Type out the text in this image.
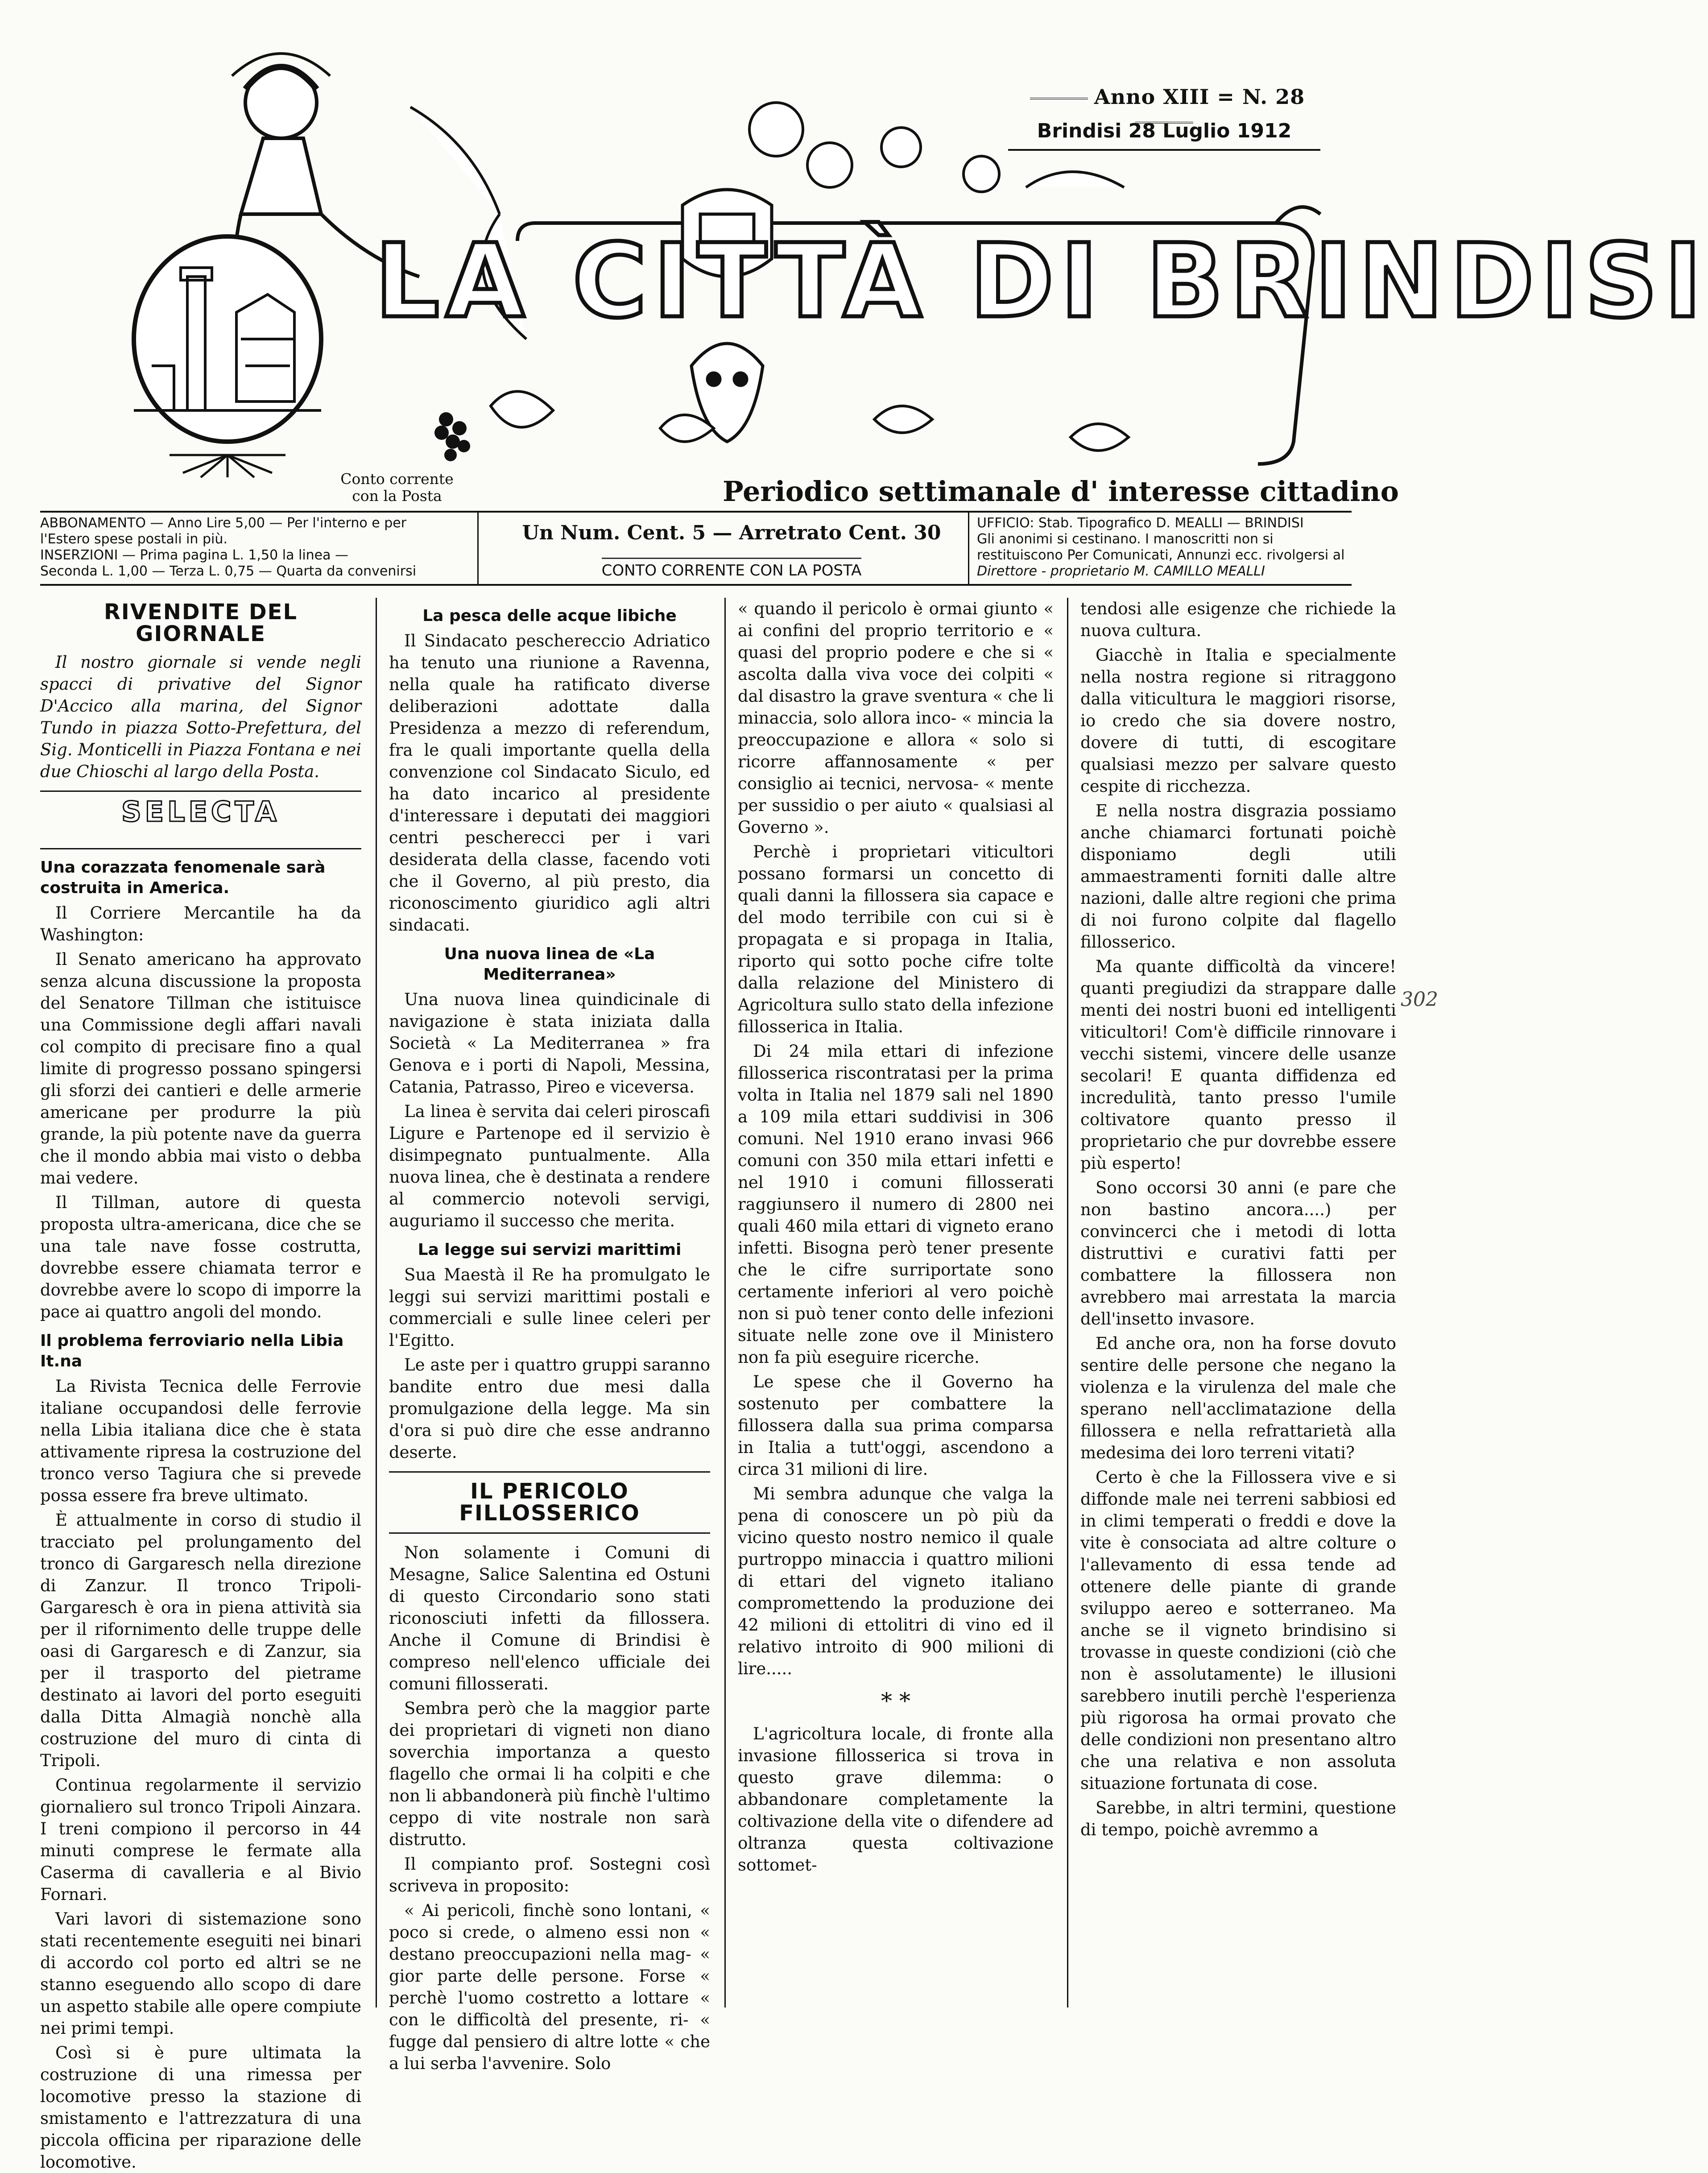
Anno XIII = N. 28
Brindisi 28 Luglio 1912
LA CITTÀ DI BRINDISI
Conto corrente con la Posta	Periodico settimanale d' interesse cittadino
ABBONAMENTO — Anno Lire 5,00 — Per l'interno e per l'Estero spese postali in più.
INSERZIONI — Prima pagina L. 1,50 la linea —
Seconda L. 1,00 — Terza L. 0,75 — Quarta da convenirsi
Un Num. Cent. 5 — Arretrato Cent. 30
CONTO CORRENTE CON LA POSTA
UFFICIO: Stab. Tipografico D. MEALLI — BRINDISI
Gli anonimi si cestinano. I manoscritti non si restituiscono Per Comunicati, Annunzi ecc. rivolgersi al
Direttore - proprietario M. CAMILLO MEALLI
RIVENDITE DEL GIORNALE

Il nostro giornale si vende negli spacci di privative del Signor D'Accico alla marina, del Signor Tundo in piazza Sotto-Prefettura, del Sig. Monticelli in Piazza Fontana e nei due Chioschi al largo della Posta.

SELECTA
Una corazzata fenomenale sarà costruita in America.

Il Corriere Mercantile ha da Washington:

Il Senato americano ha approvato senza alcuna discussione la proposta del Senatore Tillman che istituisce una Commissione degli affari navali col compito di precisare fino a qual limite di progresso possano spingersi gli sforzi dei cantieri e delle armerie americane per produrre la più grande, la più potente nave da guerra che il mondo abbia mai visto o debba mai vedere.

Il Tillman, autore di questa proposta ultra-americana, dice che se una tale nave fosse costrutta, dovrebbe essere chiamata terror e dovrebbe avere lo scopo di imporre la pace ai quattro angoli del mondo.

Il problema ferroviario nella Libia It.na

La Rivista Tecnica delle Ferrovie italiane occupandosi delle ferrovie nella Libia italiana dice che è stata attivamente ripresa la costruzione del tronco verso Tagiura che si prevede possa essere fra breve ultimato.

È attualmente in corso di studio il tracciato pel prolungamento del tronco di Gargaresch nella direzione di Zanzur. Il tronco Tripoli-Gargaresch è ora in piena attività sia per il rifornimento delle truppe delle oasi di Gargaresch e di Zanzur, sia per il trasporto del pietrame destinato ai lavori del porto eseguiti dalla Ditta Almagià nonchè alla costruzione del muro di cinta di Tripoli.

Continua regolarmente il servizio giornaliero sul tronco Tripoli Ainzara. I treni compiono il percorso in 44 minuti comprese le fermate alla Caserma di cavalleria e al Bivio Fornari.

Vari lavori di sistemazione sono stati recentemente eseguiti nei binari di accordo col porto ed altri se ne stanno eseguendo allo scopo di dare un aspetto stabile alle opere compiute nei primi tempi.

Così si è pure ultimata la costruzione di una rimessa per locomotive presso la stazione di smistamento e l'attrezzatura di una piccola officina per riparazione delle locomotive.

La pesca delle acque libiche

Il Sindacato peschereccio Adriatico ha tenuto una riunione a Ravenna, nella quale ha ratificato diverse deliberazioni adottate dalla Presidenza a mezzo di referendum, fra le quali importante quella della convenzione col Sindacato Siculo, ed ha dato incarico al presidente d'interessare i deputati dei maggiori centri pescherecci per i vari desiderata della classe, facendo voti che il Governo, al più presto, dia riconoscimento giuridico agli altri sindacati.

Una nuova linea de «La Mediterranea»

Una nuova linea quindicinale di navigazione è stata iniziata dalla Società « La Mediterranea » fra Genova e i porti di Napoli, Messina, Catania, Patrasso, Pireo e viceversa.

La linea è servita dai celeri piroscafi Ligure e Partenope ed il servizio è disimpegnato puntualmente. Alla nuova linea, che è destinata a rendere al commercio notevoli servigi, auguriamo il successo che merita.

La legge sui servizi marittimi

Sua Maestà il Re ha promulgato le leggi sui servizi marittimi postali e commerciali e sulle linee celeri per l'Egitto.

Le aste per i quattro gruppi saranno bandite entro due mesi dalla promulgazione della legge. Ma sin d'ora si può dire che esse andranno deserte.

IL PERICOLO FILLOSSERICO

Non solamente i Comuni di Mesagne, Salice Salentina ed Ostuni di questo Circondario sono stati riconosciuti infetti da fillossera. Anche il Comune di Brindisi è compreso nell'elenco ufficiale dei comuni fillosserati.

Sembra però che la maggior parte dei proprietari di vigneti non diano soverchia importanza a questo flagello che ormai li ha colpiti e che non li abbandonerà più finchè l'ultimo ceppo di vite nostrale non sarà distrutto.

Il compianto prof. Sostegni così scriveva in proposito:

« Ai pericoli, finchè sono lontani, « poco si crede, o almeno essi non « destano preoccupazioni nella mag- « gior parte delle persone. Forse « perchè l'uomo costretto a lottare « con le difficoltà del presente, ri- « fugge dal pensiero di altre lotte « che a lui serba l'avvenire. Solo

« quando il pericolo è ormai giunto « ai confini del proprio territorio e « quasi del proprio podere e che si « ascolta dalla viva voce dei colpiti « dal disastro la grave sventura « che li minaccia, solo allora inco- « mincia la preoccupazione e allora « solo si ricorre affannosamente « per consiglio ai tecnici, nervosa- « mente per sussidio o per aiuto « qualsiasi al Governo ».

Perchè i proprietari viticultori possano formarsi un concetto di quali danni la fillossera sia capace e del modo terribile con cui si è propagata e si propaga in Italia, riporto qui sotto poche cifre tolte dalla relazione del Ministero di Agricoltura sullo stato della infezione fillosserica in Italia.

Di 24 mila ettari di infezione fillosserica riscontratasi per la prima volta in Italia nel 1879 sali nel 1890 a 109 mila ettari suddivisi in 306 comuni. Nel 1910 erano invasi 966 comuni con 350 mila ettari infetti e nel 1910 i comuni fillosserati raggiunsero il numero di 2800 nei quali 460 mila ettari di vigneto erano infetti. Bisogna però tener presente che le cifre surriportate sono certamente inferiori al vero poichè non si può tener conto delle infezioni situate nelle zone ove il Ministero non fa più eseguire ricerche.

Le spese che il Governo ha sostenuto per combattere la fillossera dalla sua prima comparsa in Italia a tutt'oggi, ascendono a circa 31 milioni di lire.

Mi sembra adunque che valga la pena di conoscere un pò più da vicino questo nostro nemico il quale purtroppo minaccia i quattro milioni di ettari del vigneto italiano compromettendo la produzione dei 42 milioni di ettolitri di vino ed il relativo introito di 900 milioni di lire.....

* *

L'agricoltura locale, di fronte alla invasione fillosserica si trova in questo grave dilemma: o abbandonare completamente la coltivazione della vite o difendere ad oltranza questa coltivazione sottomet-

tendosi alle esigenze che richiede la nuova cultura.

Giacchè in Italia e specialmente nella nostra regione si ritraggono dalla viticultura le maggiori risorse, io credo che sia dovere nostro, dovere di tutti, di escogitare qualsiasi mezzo per salvare questo cespite di ricchezza.

E nella nostra disgrazia possiamo anche chiamarci fortunati poichè disponiamo degli utili ammaestramenti forniti dalle altre nazioni, dalle altre regioni che prima di noi furono colpite dal flagello fillosserico.

Ma quante difficoltà da vincere! quanti pregiudizi da strappare dalle menti dei nostri buoni ed intelligenti viticultori! Com'è difficile rinnovare i vecchi sistemi, vincere delle usanze secolari! E quanta diffidenza ed incredulità, tanto presso l'umile coltivatore quanto presso il proprietario che pur dovrebbe essere più esperto!

Sono occorsi 30 anni (e pare che non bastino ancora....) per convincerci che i metodi di lotta distruttivi e curativi fatti per combattere la fillossera non avrebbero mai arrestata la marcia dell'insetto invasore.

Ed anche ora, non ha forse dovuto sentire delle persone che negano la violenza e la virulenza del male che sperano nell'acclimatazione della fillossera e nella refrattarietà alla medesima dei loro terreni vitati?

Certo è che la Fillossera vive e si diffonde male nei terreni sabbiosi ed in climi temperati o freddi e dove la vite è consociata ad altre colture o l'allevamento di essa tende ad ottenere delle piante di grande sviluppo aereo e sotterraneo. Ma anche se il vigneto brindisino si trovasse in queste condizioni (ciò che non è assolutamente) le illusioni sarebbero inutili perchè l'esperienza più rigorosa ha ormai provato che delle condizioni non presentano altro che una relativa e non assoluta situazione fortunata di cose.

Sarebbe, in altri termini, questione di tempo, poichè avremmo a

302
